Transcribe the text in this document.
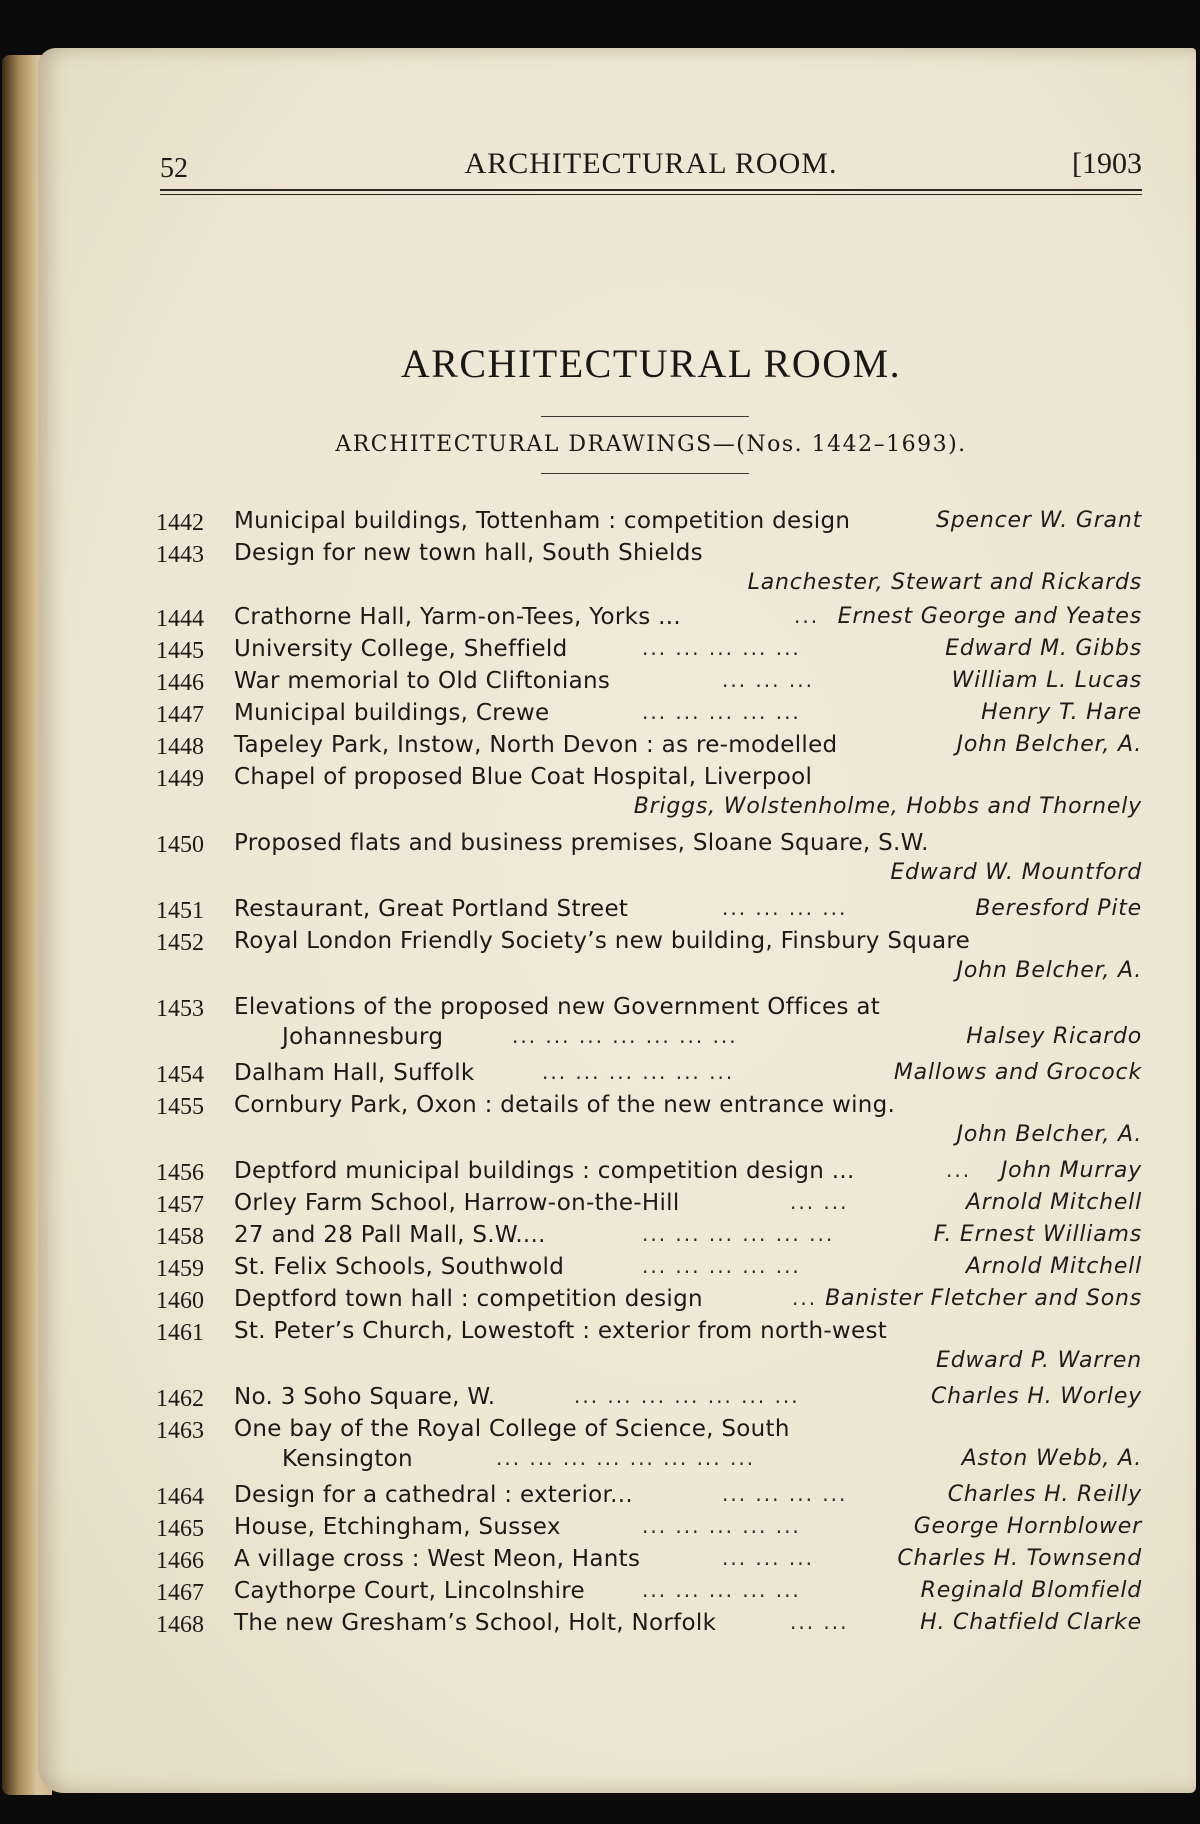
52	ARCHITECTURAL ROOM.	[1903
ARCHITECTURAL ROOM.
ARCHITECTURAL DRAWINGS—(Nos. 1442–1693).
1442	Municipal buildings, Tottenham : competition design	Spencer W. Grant
1443	Design for new town hall, South Shields
Lanchester, Stewart and Rickards
1444	Crathorne Hall, Yarm-on-Tees, Yorks ...	... Ernest George and Yeates
1445	University College, Sheffield	... ... ... ... ...	Edward M. Gibbs
1446	War memorial to Old Cliftonians	... ... ...	William L. Lucas
1447	Municipal buildings, Crewe	... ... ... ... ...	Henry T. Hare
1448	Tapeley Park, Instow, North Devon : as re-modelled	John Belcher, A.
1449	Chapel of proposed Blue Coat Hospital, Liverpool
Briggs, Wolstenholme, Hobbs and Thornely
1450	Proposed flats and business premises, Sloane Square, S.W.
Edward W. Mountford
1451	Restaurant, Great Portland Street	... ... ... ...	Beresford Pite
1452	Royal London Friendly Society’s new building, Finsbury Square
John Belcher, A.
1453	Elevations of the proposed new Government Offices at
Johannesburg	... ... ... ... ... ... ...	Halsey Ricardo
1454	Dalham Hall, Suffolk	... ... ... ... ... ...	Mallows and Grocock
1455	Cornbury Park, Oxon : details of the new entrance wing.
John Belcher, A.
1456	Deptford municipal buildings : competition design ...	... John Murray
1457	Orley Farm School, Harrow-on-the-Hill	... ...	Arnold Mitchell
1458	27 and 28 Pall Mall, S.W....	... ... ... ... ... ...	F. Ernest Williams
1459	St. Felix Schools, Southwold	... ... ... ... ...	Arnold Mitchell
1460	Deptford town hall : competition design	... Banister Fletcher and Sons
1461	St. Peter’s Church, Lowestoft : exterior from north-west
Edward P. Warren
1462	No. 3 Soho Square, W.	... ... ... ... ... ... ...	Charles H. Worley
1463	One bay of the Royal College of Science, South
Kensington	... ... ... ... ... ... ... ...	Aston Webb, A.
1464	Design for a cathedral : exterior...	... ... ... ...	Charles H. Reilly
1465	House, Etchingham, Sussex	... ... ... ... ...	George Hornblower
1466	A village cross : West Meon, Hants	... ... ...	Charles H. Townsend
1467	Caythorpe Court, Lincolnshire	... ... ... ... ...	Reginald Blomfield
1468	The new Gresham’s School, Holt, Norfolk	... ...	H. Chatfield Clarke
